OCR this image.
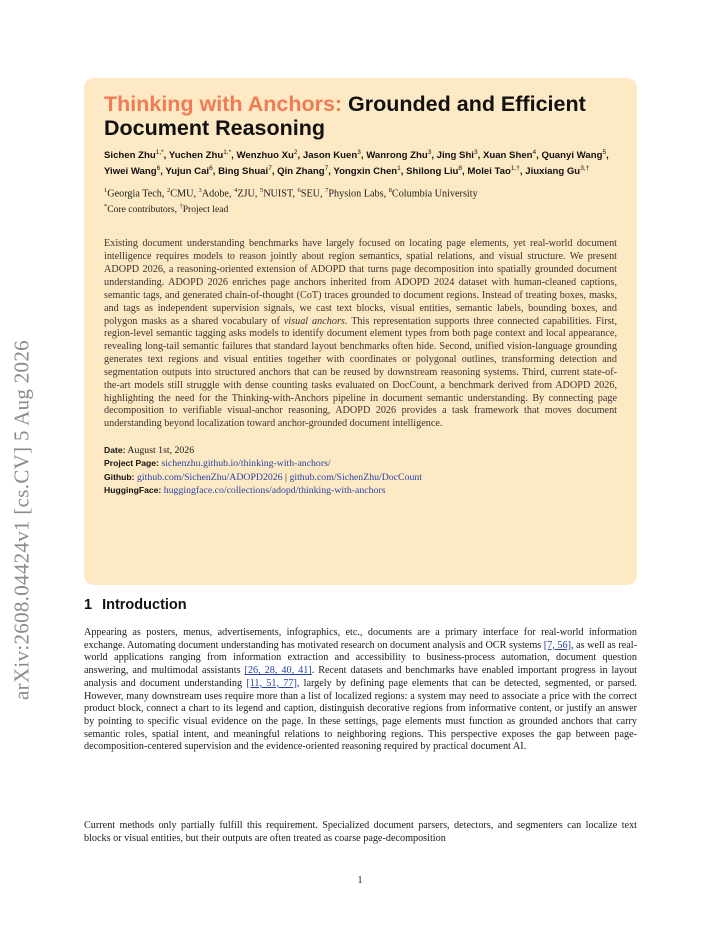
arXiv:2608.04424v1 [cs.CV] 5 Aug 2026
Thinking with Anchors: Grounded and Efficient Document Reasoning
Sichen Zhu$^{1,*}$, Yuchen Zhu$^{1,*}$, Wenzhuo Xu$^2$, Jason Kuen$^3$, Wanrong Zhu$^3$, Jing Shi$^3$, Xuan Shen$^4$, Quanyi Wang$^5$, Yiwei Wang$^6$, Yujun Cai$^6$, Bing Shuai$^7$, Qin Zhang$^7$, Yongxin Chen$^1$, Shilong Liu$^8$, Molei Tao$^{1,\dagger}$, Jiuxiang $Gu^{3,\dagger}$
$^1$Georgia Tech, $^2$CMU, $^3$Adobe, $^4$ZJU, $^5$NUIST, $^6$SEU, $^7$Physion Labs, $^8$Columbia University
*Core contributors, †Project lead

Existing document understanding benchmarks have largely focused on locating page elements, yet real-world document intelligence requires models to reason jointly about region semantics, spatial relations, and visual structure. We present ADOPD 2026, a reasoning-oriented extension of ADOPD that turns page decomposition into spatially grounded document understanding. ADOPD 2026 enriches page anchors inherited from ADOPD 2024 dataset with human-cleaned captions, semantic tags, and generated chain-of-thought (CoT) traces grounded to document regions. Instead of treating boxes, masks, and tags as independent supervision signals, we cast text blocks, visual entities, semantic labels, bounding boxes, and polygon masks as a shared vocabulary of visual anchors. This representation supports three connected capabilities. First, region-level semantic tagging asks models to identify document element types from both page context and local appearance, revealing long-tail semantic failures that standard layout benchmarks often hide. Second, unified vision-language grounding generates text regions and visual entities together with coordinates or polygonal outlines, transforming detection and segmentation outputs into structured anchors that can be reused by downstream reasoning systems. Third, current state-of-the-art models still struggle with dense counting tasks evaluated on DocCount, a benchmark derived from ADOPD 2026, highlighting the need for the Thinking-with-Anchors pipeline in document semantic understanding. By connecting page decomposition to verifiable visual-anchor reasoning, ADOPD 2026 provides a task framework that moves document understanding beyond localization toward anchor-grounded document intelligence.

Date: August 1st, 2026
Project Page: sichenzhu.github.io/thinking-with-anchors/
Github: github.com/SichenZhu/ADOPD2026 | github.com/SichenZhu/DocCount
HuggingFace: huggingface.co/collections/adopd/thinking-with-anchors
1 Introduction

Appearing as posters, menus, advertisements, infographics, etc., documents are a primary interface for real-world information exchange. Automating document understanding has motivated research on document analysis and OCR systems [7, 56], as well as real-world applications ranging from information extraction and accessibility to business-process automation, document question answering, and multimodal assistants [26, 28, 40, 41]. Recent datasets and benchmarks have enabled important progress in layout analysis and document understanding [11, 51, 77], largely by defining page elements that can be detected, segmented, or parsed. However, many downstream uses require more than a list of localized regions: a system may need to associate a price with the correct product block, connect a chart to its legend and caption, distinguish decorative regions from informative content, or justify an answer by pointing to specific visual evidence on the page. In these settings, page elements must function as grounded anchors that carry semantic roles, spatial intent, and meaningful relations to neighboring regions. This perspective exposes the gap between page-decomposition-centered supervision and the evidence-oriented reasoning required by practical document AI.

Current methods only partially fulfill this requirement. Specialized document parsers, detectors, and segmenters can localize text blocks or visual entities, but their outputs are often treated as coarse page-decomposition

1
